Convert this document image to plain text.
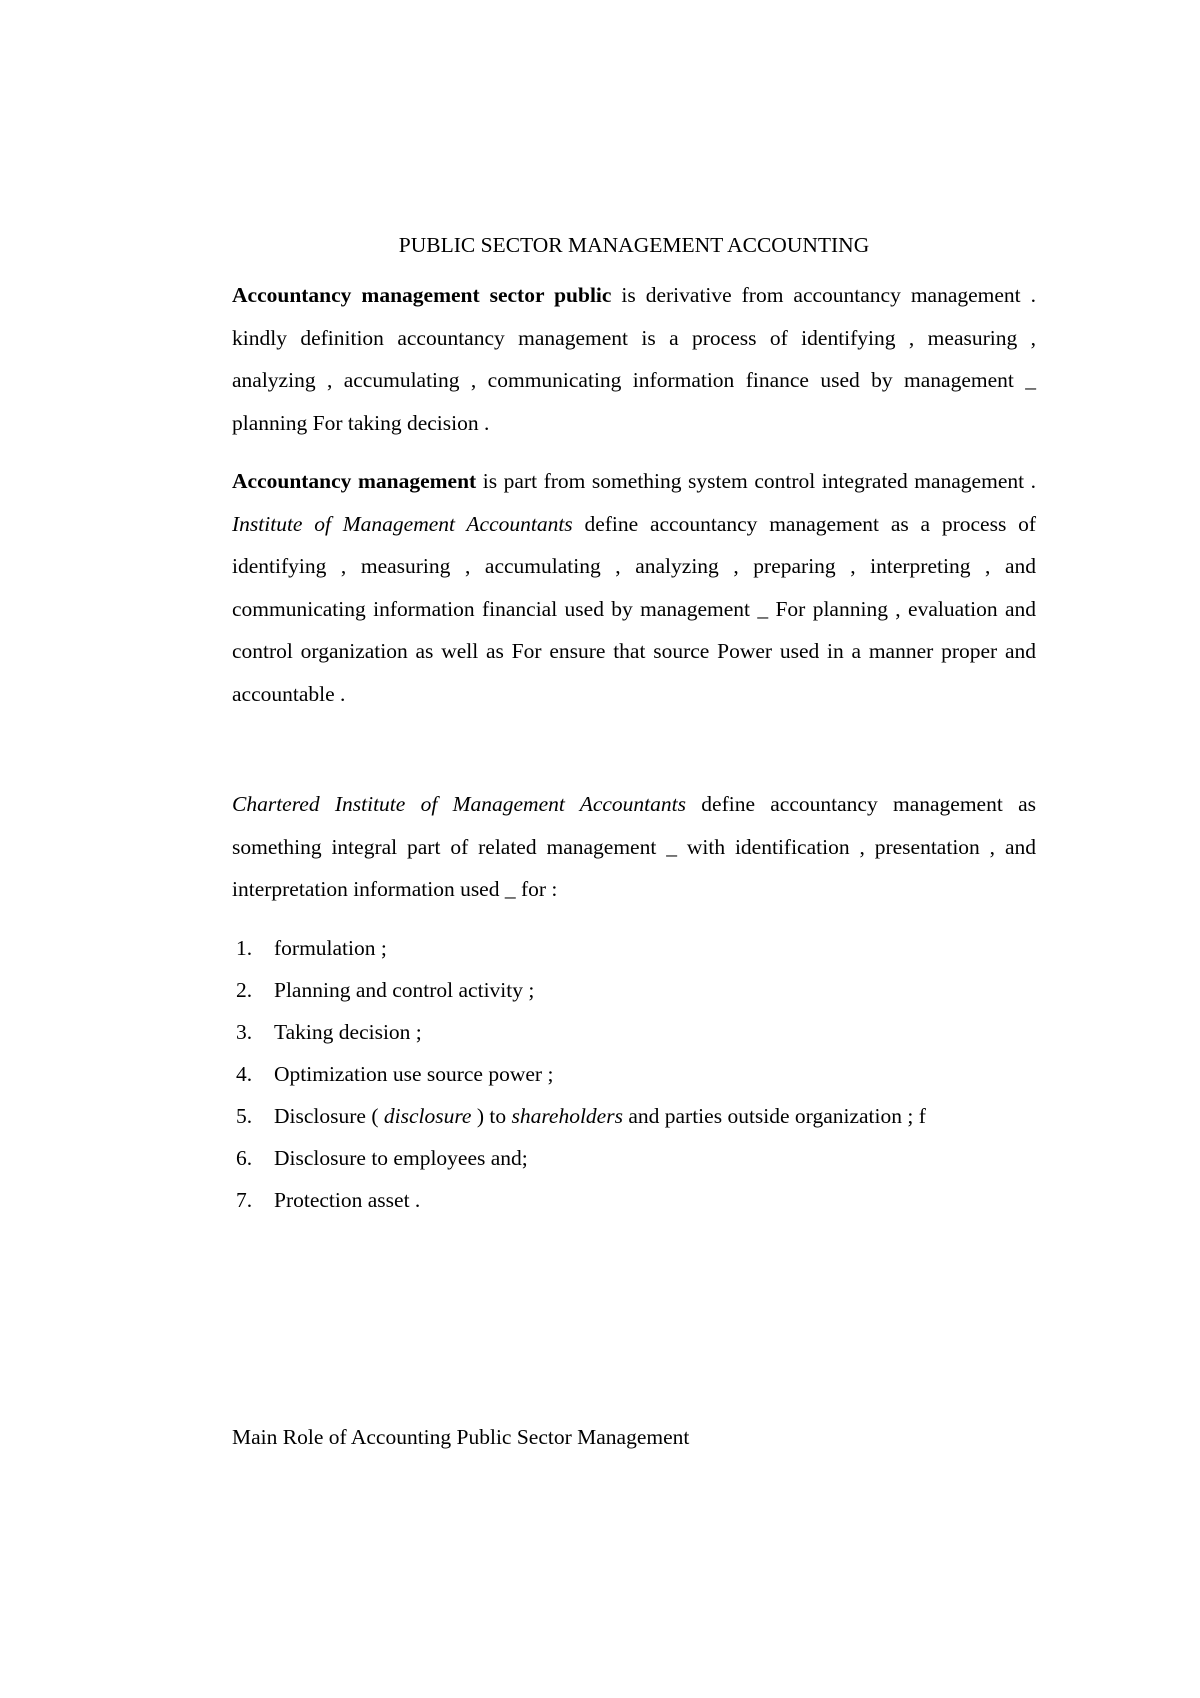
PUBLIC SECTOR MANAGEMENT ACCOUNTING

Accountancy management sector public is derivative from accountancy management . kindly definition accountancy management is a process of identifying , measuring , analyzing , accumulating , communicating information finance used by management _ planning For taking decision .

Accountancy management is part from something system control integrated management . Institute of Management Accountants define accountancy management as a process of identifying , measuring , accumulating , analyzing , preparing , interpreting , and communicating information financial used by management _ For planning , evaluation and control organization as well as For ensure that source Power used in a manner proper and accountable .

Chartered Institute of Management Accountants define accountancy management as something integral part of related management _ with identification , presentation , and interpretation information used _ for :

1. formulation ;
2. Planning and control activity ;
3. Taking decision ;
4. Optimization use source power ;
5. Disclosure ( disclosure ) to shareholders and parties outside organization ; f
6. Disclosure to employees and;
7. Protection asset .
Main Role of Accounting Public Sector Management
